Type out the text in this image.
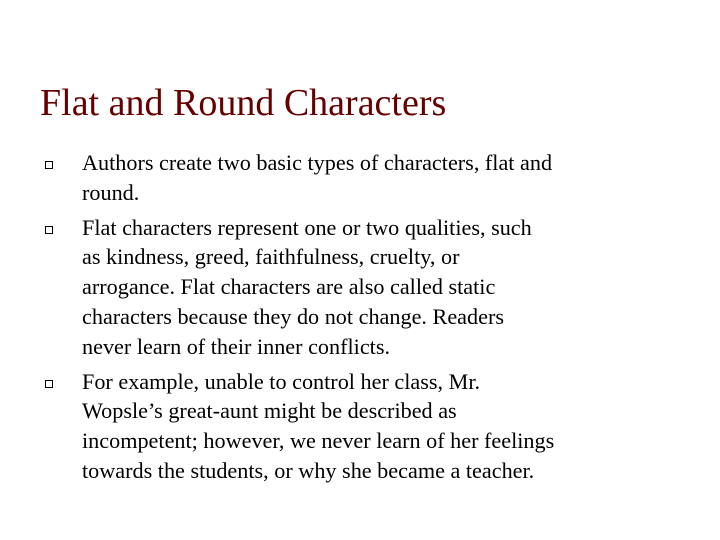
Flat and Round Characters
Authors create two basic types of characters, flat and
round.
Flat characters represent one or two qualities, such
as kindness, greed, faithfulness, cruelty, or
arrogance. Flat characters are also called static
characters because they do not change. Readers
never learn of their inner conflicts.
For example, unable to control her class, Mr.
Wopsle’s great-aunt might be described as
incompetent; however, we never learn of her feelings
towards the students, or why she became a teacher.
